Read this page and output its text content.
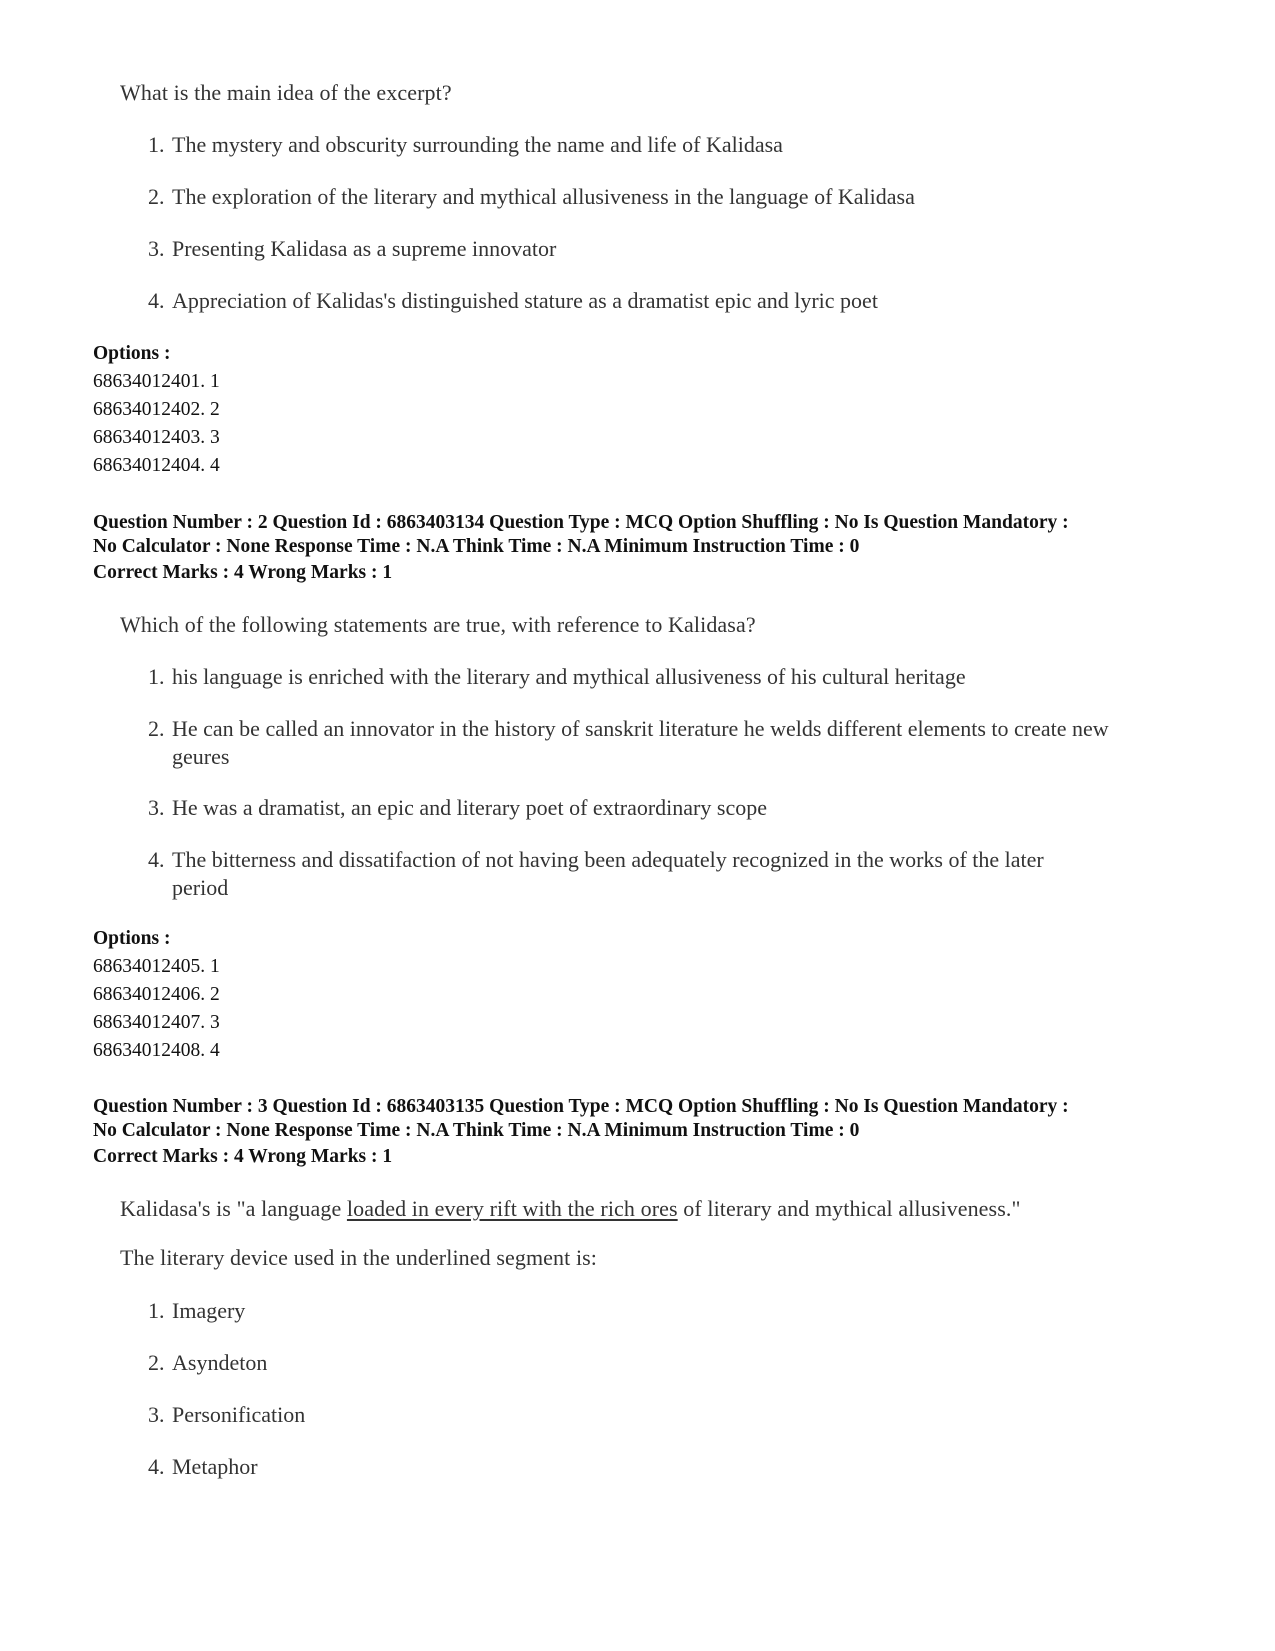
What is the main idea of the excerpt?
1. The mystery and obscurity surrounding the name and life of Kalidasa
2. The exploration of the literary and mythical allusiveness in the language of Kalidasa
3. Presenting Kalidasa as a supreme innovator
4. Appreciation of Kalidas's distinguished stature as a dramatist epic and lyric poet
Options :
68634012401. 1
68634012402. 2
68634012403. 3
68634012404. 4
Question Number : 2 Question Id : 6863403134 Question Type : MCQ Option Shuffling : No Is Question Mandatory :
No Calculator : None Response Time : N.A Think Time : N.A Minimum Instruction Time : 0
Correct Marks : 4 Wrong Marks : 1
Which of the following statements are true, with reference to Kalidasa?
1. his language is enriched with the literary and mythical allusiveness of his cultural heritage
2. He can be called an innovator in the history of sanskrit literature he welds different elements to create new geures
3. He was a dramatist, an epic and literary poet of extraordinary scope
4. The bitterness and dissatifaction of not having been adequately recognized in the works of the later period
Options :
68634012405. 1
68634012406. 2
68634012407. 3
68634012408. 4
Question Number : 3 Question Id : 6863403135 Question Type : MCQ Option Shuffling : No Is Question Mandatory :
No Calculator : None Response Time : N.A Think Time : N.A Minimum Instruction Time : 0
Correct Marks : 4 Wrong Marks : 1
Kalidasa's is "a language loaded in every rift with the rich ores of literary and mythical allusiveness."
The literary device used in the underlined segment is:
1. Imagery
2. Asyndeton
3. Personification
4. Metaphor
